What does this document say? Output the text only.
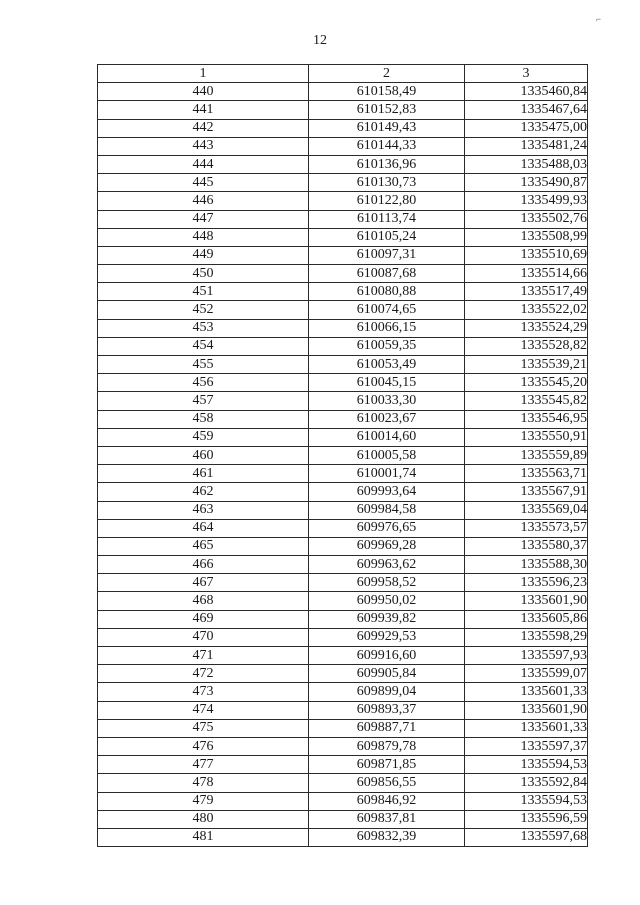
12
1	2	3
440	610158,49	1335460,84
441	610152,83	1335467,64
442	610149,43	1335475,00
443	610144,33	1335481,24
444	610136,96	1335488,03
445	610130,73	1335490,87
446	610122,80	1335499,93
447	610113,74	1335502,76
448	610105,24	1335508,99
449	610097,31	1335510,69
450	610087,68	1335514,66
451	610080,88	1335517,49
452	610074,65	1335522,02
453	610066,15	1335524,29
454	610059,35	1335528,82
455	610053,49	1335539,21
456	610045,15	1335545,20
457	610033,30	1335545,82
458	610023,67	1335546,95
459	610014,60	1335550,91
460	610005,58	1335559,89
461	610001,74	1335563,71
462	609993,64	1335567,91
463	609984,58	1335569,04
464	609976,65	1335573,57
465	609969,28	1335580,37
466	609963,62	1335588,30
467	609958,52	1335596,23
468	609950,02	1335601,90
469	609939,82	1335605,86
470	609929,53	1335598,29
471	609916,60	1335597,93
472	609905,84	1335599,07
473	609899,04	1335601,33
474	609893,37	1335601,90
475	609887,71	1335601,33
476	609879,78	1335597,37
477	609871,85	1335594,53
478	609856,55	1335592,84
479	609846,92	1335594,53
480	609837,81	1335596,59
481	609832,39	1335597,68
⌐
